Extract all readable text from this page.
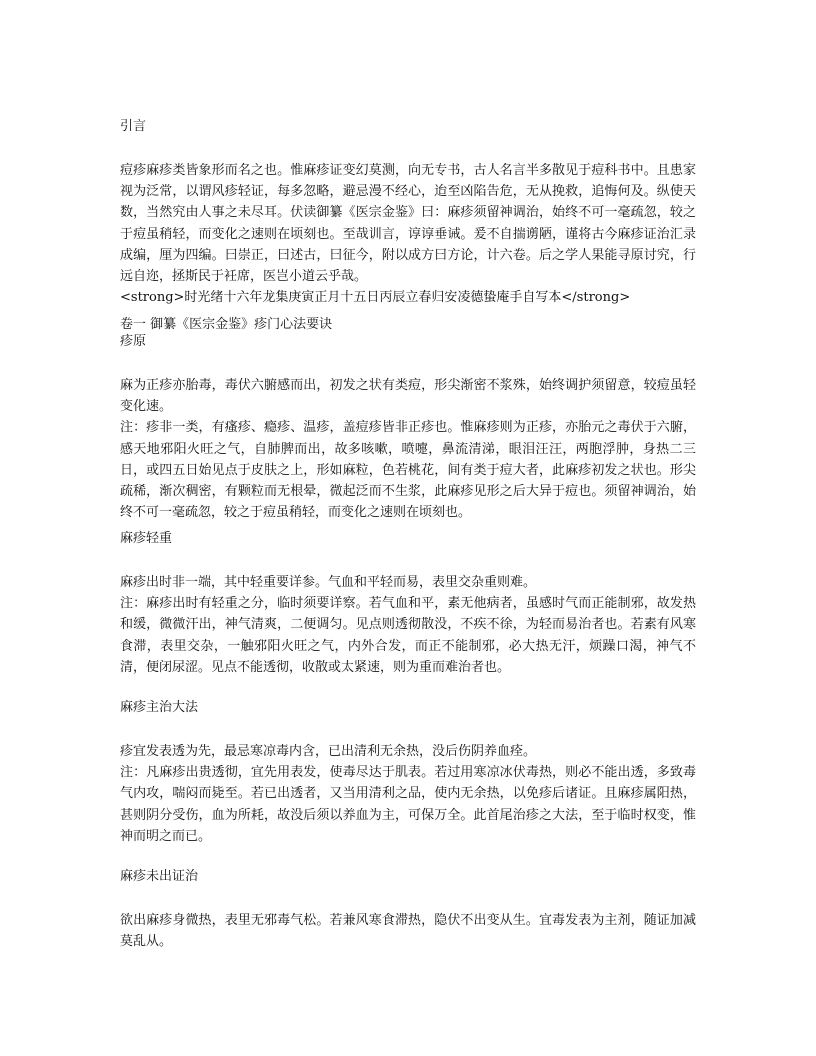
引言

痘疹麻疹类皆象形而名之也。惟麻疹证变幻莫测，向无专书，古人名言半多散见于痘科书中。且患家视为泛常，以谓风疹轻证，每多忽略，避忌漫不经心，迨至凶陷告危，无从挽救，追悔何及。纵使天数，当然究由人事之未尽耳。伏读御纂《医宗金鉴》曰：麻疹须留神调治，始终不可一毫疏忽，较之于痘虽稍轻，而变化之速则在顷刻也。至哉训言，谆谆垂诫。爰不自揣谫陋，谨将古今麻疹证治汇录成编，厘为四编。曰崇正，曰述古，曰征今，附以成方曰方论，计六卷。后之学人果能寻原讨究，行远自迩，拯斯民于衽席，医岂小道云乎哉。

<strong>时光绪十六年龙集庚寅正月十五日丙辰立春归安凌德蛰庵手自写本</strong>

卷一 御纂《医宗金鉴》疹门心法要诀
疹原

麻为正疹亦胎毒，毒伏六腑感而出，初发之状有类痘，形尖渐密不浆殊，始终调护须留意，较痘虽轻变化速。

注：疹非一类，有瘙疹、瘾疹、温疹，盖痘疹皆非正疹也。惟麻疹则为正疹，亦胎元之毒伏于六腑，感天地邪阳火旺之气，自肺脾而出，故多咳嗽，喷嚏，鼻流清涕，眼泪汪汪，两胞浮肿，身热二三日，或四五日始见点于皮肤之上，形如麻粒，色若桃花，间有类于痘大者，此麻疹初发之状也。形尖疏稀，渐次稠密，有颗粒而无根晕，微起泛而不生浆，此麻疹见形之后大异于痘也。须留神调治，始终不可一毫疏忽，较之于痘虽稍轻，而变化之速则在顷刻也。

麻疹轻重

麻疹出时非一端，其中轻重要详参。气血和平轻而易，表里交杂重则难。

注：麻疹出时有轻重之分，临时须要详察。若气血和平，素无他病者，虽感时气而正能制邪，故发热和缓，微微汗出，神气清爽，二便调匀。见点则透彻散没，不疾不徐，为轻而易治者也。若素有风寒食滞，表里交杂，一触邪阳火旺之气，内外合发，而正不能制邪，必大热无汗，烦躁口渴，神气不清，便闭尿涩。见点不能透彻，收散或太紧速，则为重而难治者也。

麻疹主治大法

疹宜发表透为先，最忌寒凉毒内含，已出清利无余热，没后伤阴养血痊。

注：凡麻疹出贵透彻，宜先用表发，使毒尽达于肌表。若过用寒凉冰伏毒热，则必不能出透，多致毒气内攻，喘闷而毙至。若已出透者，又当用清利之品，使内无余热，以免疹后诸证。且麻疹属阳热，甚则阴分受伤，血为所耗，故没后须以养血为主，可保万全。此首尾治疹之大法，至于临时权变，惟神而明之而已。

麻疹未出证治

欲出麻疹身微热，表里无邪毒气松。若兼风寒食滞热，隐伏不出变从生。宜毒发表为主剂，随证加减莫乱从。
